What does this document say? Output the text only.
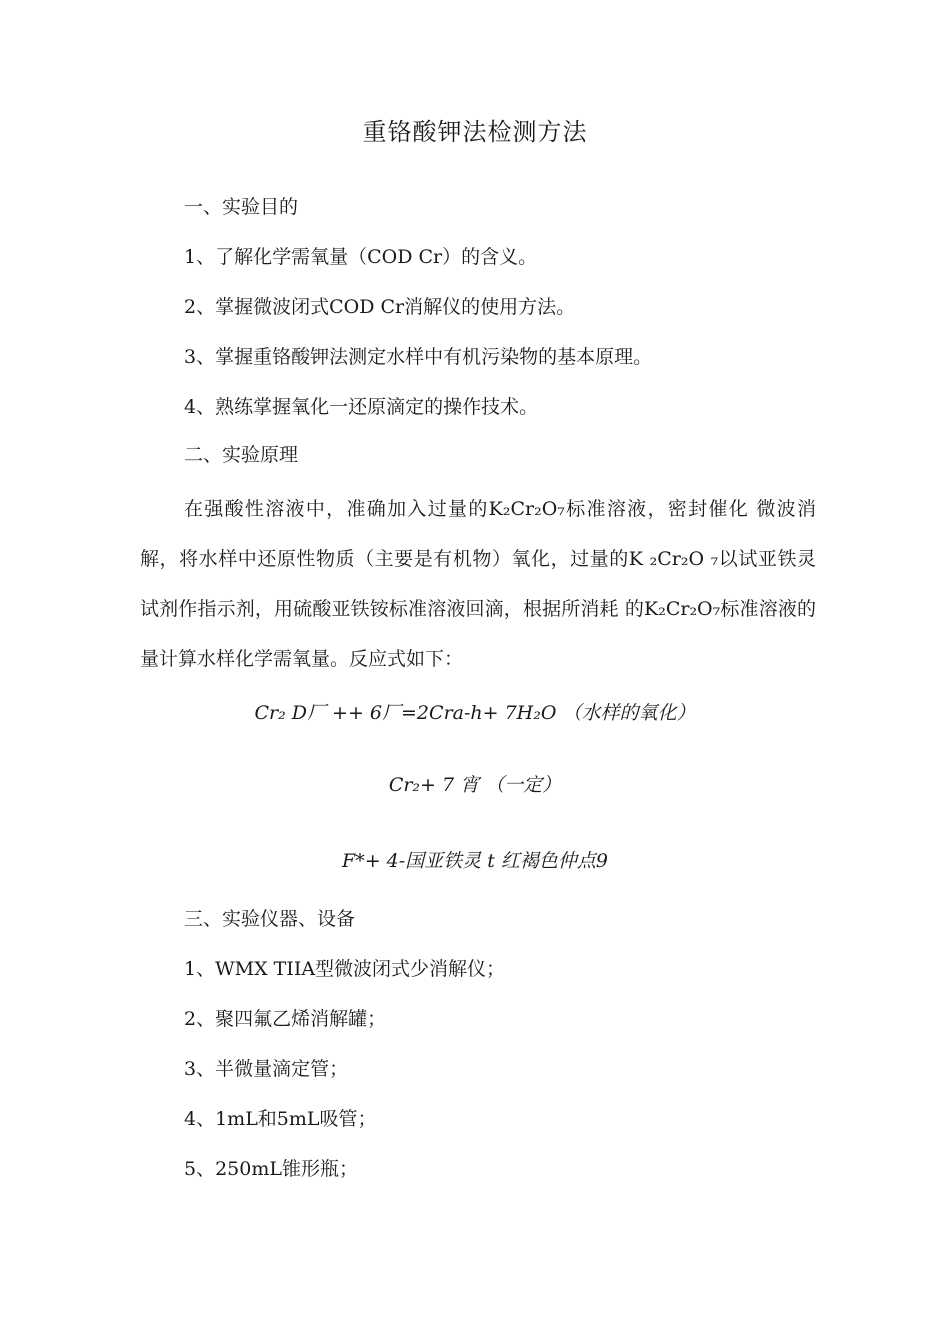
重铬酸钾法检测方法
一、实验目的
1、了解化学需氧量（COD Cr）的含义。
2、掌握微波闭式COD Cr消解仪的使用方法。
3、掌握重铬酸钾法测定水样中有机污染物的基本原理。
4、熟练掌握氧化一还原滴定的操作技术。
二、实验原理

在强酸性溶液中，准确加入过量的K₂Cr₂O₇标准溶液，密封催化 微波消解，将水样中还原性物质（主要是有机物）氧化，过量的K ₂Cr₂O ₇以试亚铁灵试剂作指示剂，用硫酸亚铁铵标准溶液回滴，根据所消耗 的K₂Cr₂O₇标准溶液的量计算水样化学需氧量。反应式如下：

Cr₂ D厂 ++ 6厂=2Cra-h+ 7H₂O （水样的氧化）
Cr₂+ 7 宵 （一定）
F*+ 4-国亚铁灵 t 红褐色仲点9
三、实验仪器、设备
1、WMX TIIA型微波闭式少消解仪；
2、聚四氟乙烯消解罐；
3、半微量滴定管；
4、1mL和5mL吸管；
5、250mL锥形瓶；
